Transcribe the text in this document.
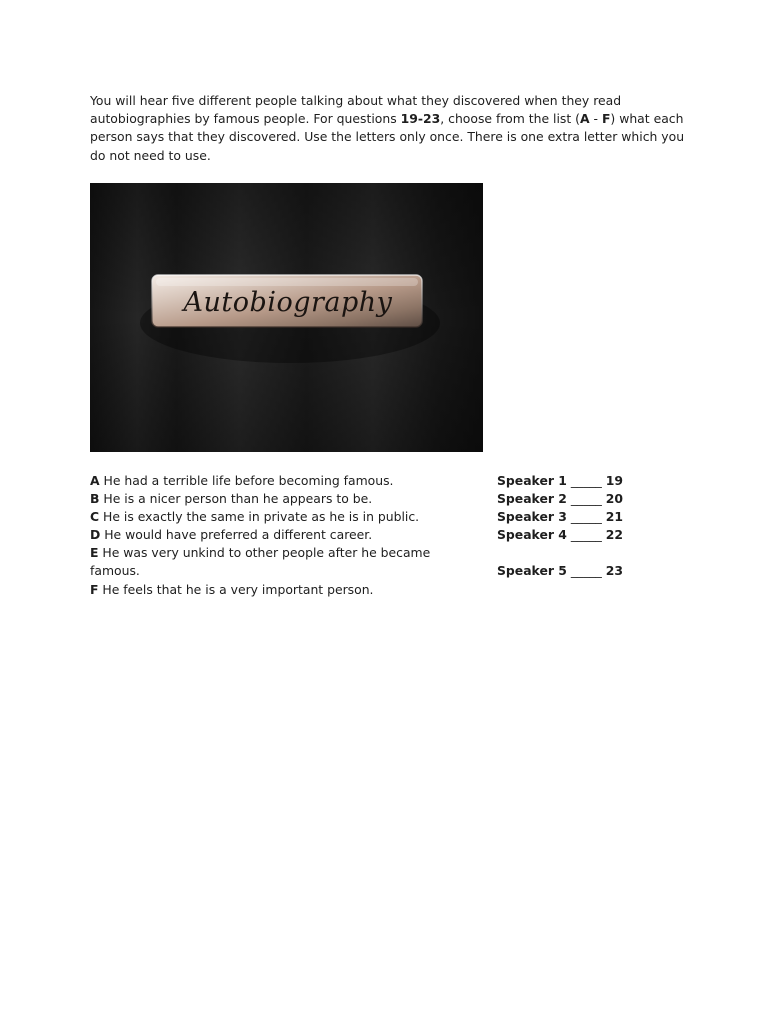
You will hear five different people talking about what they discovered when they read autobiographies by famous people. For questions 19-23, choose from the list (A - F) what each person says that they discovered. Use the letters only once. There is one extra letter which you do not need to use.

Autobiography
A He had a terrible life before becoming famous.
B He is a nicer person than he appears to be.
C He is exactly the same in private as he is in public.
D He would have preferred a different career.
E He was very unkind to other people after he became famous.
F He feels that he is a very important person.
Speaker 1 _____ 19
Speaker 2 _____ 20
Speaker 3 _____ 21
Speaker 4 _____ 22
Speaker 5 _____ 23
